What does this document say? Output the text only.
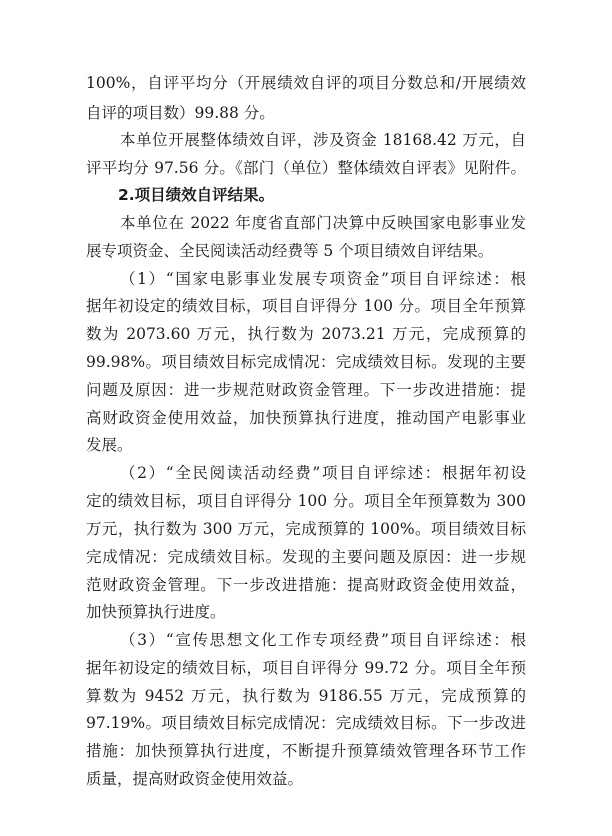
100%，自评平均分（开展绩效自评的项目分数总和/开展绩效
自评的项目数）99.88 分。
本单位开展整体绩效自评，涉及资金 18168.42 万元，自
评平均分 97.56 分。《部门（单位）整体绩效自评表》见附件。
2.项目绩效自评结果。
本单位在 2022 年度省直部门决算中反映国家电影事业发
展专项资金、全民阅读活动经费等 5 个项目绩效自评结果。
（1）“国家电影事业发展专项资金”项目自评综述：根
据年初设定的绩效目标，项目自评得分 100 分。项目全年预算
数为 2073.60 万元，执行数为 2073.21 万元，完成预算的
99.98%。项目绩效目标完成情况：完成绩效目标。发现的主要
问题及原因：进一步规范财政资金管理。下一步改进措施：提
高财政资金使用效益，加快预算执行进度，推动国产电影事业
发展。
（2）“全民阅读活动经费”项目自评综述：根据年初设
定的绩效目标，项目自评得分 100 分。项目全年预算数为 300
万元，执行数为 300 万元，完成预算的 100%。项目绩效目标
完成情况：完成绩效目标。发现的主要问题及原因：进一步规
范财政资金管理。下一步改进措施：提高财政资金使用效益，
加快预算执行进度。
（3）“宣传思想文化工作专项经费”项目自评综述：根
据年初设定的绩效目标，项目自评得分 99.72 分。项目全年预
算数为 9452 万元，执行数为 9186.55 万元，完成预算的
97.19%。项目绩效目标完成情况：完成绩效目标。下一步改进
措施：加快预算执行进度，不断提升预算绩效管理各环节工作
质量，提高财政资金使用效益。
